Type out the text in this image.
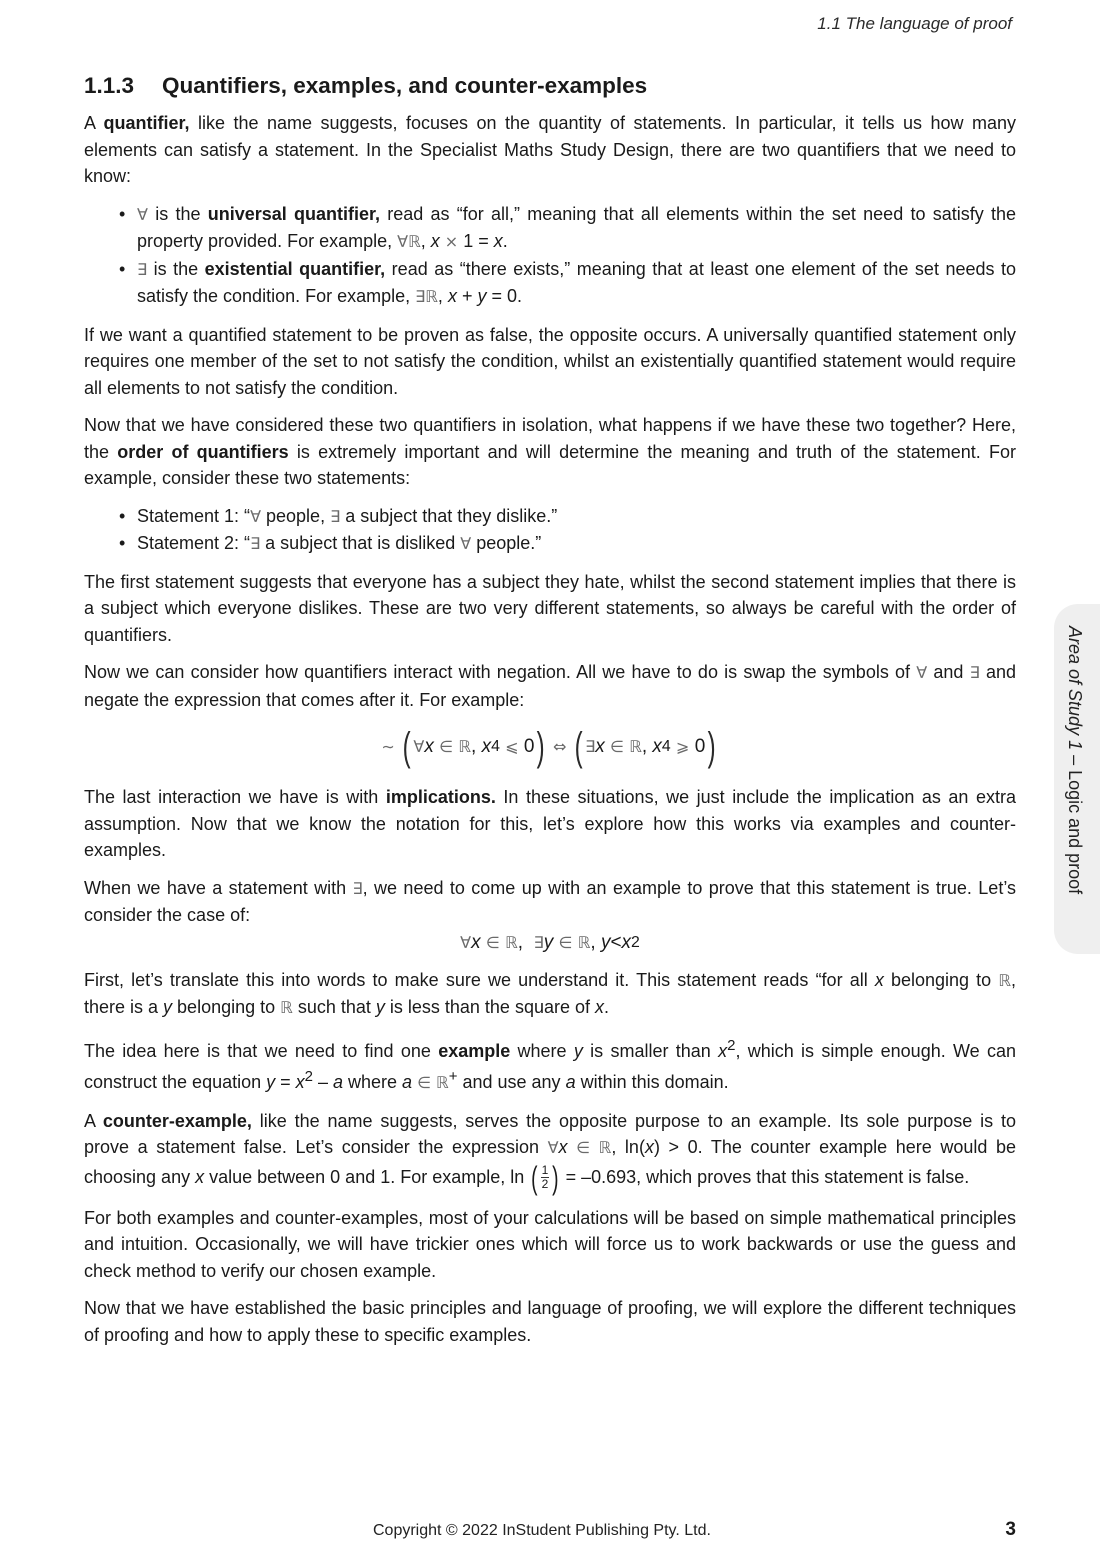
1.1 The language of proof
1.1.3 Quantifiers, examples, and counter-examples

A quantifier, like the name suggests, focuses on the quantity of statements. In particular, it tells us how many elements can satisfy a statement. In the Specialist Maths Study Design, there are two quantifiers that we need to know:

• ∀ is the universal quantifier, read as “for all,” meaning that all elements within the set need to satisfy the property provided. For example, ∀ℝ, x × 1 = x.
• ∃ is the existential quantifier, read as “there exists,” meaning that at least one element of the set needs to satisfy the condition. For example, ∃ℝ, x + y = 0.

If we want a quantified statement to be proven as false, the opposite occurs. A universally quantified statement only requires one member of the set to not satisfy the condition, whilst an existentially quantified statement would require all elements to not satisfy the condition.

Now that we have considered these two quantifiers in isolation, what happens if we have these two together? Here, the order of quantifiers is extremely important and will determine the meaning and truth of the statement. For example, consider these two statements:

• Statement 1: “∀ people, ∃ a subject that they dislike.”
• Statement 2: “∃ a subject that is disliked ∀ people.”

The first statement suggests that everyone has a subject they hate, whilst the second statement implies that there is a subject which everyone dislikes. These are two very different statements, so always be careful with the order of quantifiers.

Now we can consider how quantifiers interact with negation. All we have to do is swap the symbols of ∀ and ∃ and negate the expression that comes after it. For example:

∼
( ∀ x
∈
ℝ , x 4
⩽
0 )
⇔
( ∃ x
∈
ℝ , x 4
⩾
0 )

The last interaction we have is with implications. In these situations, we just include the implication as an extra assumption. Now that we know the notation for this, let’s explore how this works via examples and counter-examples.

When we have a statement with ∃, we need to come up with an example to prove that this statement is true. Let’s consider the case of:

∀ x
∈
ℝ , ∃ y
∈
ℝ , y < x 2

First, let’s translate this into words to make sure we understand it. This statement reads “for all x belonging to ℝ, there is a y belonging to ℝ such that y is less than the square of x.

The idea here is that we need to find one example where y is smaller than $x^2$, which is simple enough. We can construct the equation $y = x^2 - a$ where a ∈ ℝ+ and use any a within this domain.

A counter-example, like the name suggests, serves the opposite purpose to an example. Its sole purpose is to prove a statement false. Let’s consider the expression ∀x ∈ ℝ, ln(x) > 0. The counter example here would be choosing any x value between 0 and 1. For example, ln ( $\frac{1}{2}$ ) = –0.693, which proves that this statement is false.

For both examples and counter-examples, most of your calculations will be based on simple mathematical principles and intuition. Occasionally, we will have trickier ones which will force us to work backwards or use the guess and check method to verify our chosen example.

Now that we have established the basic principles and language of proofing, we will explore the different techniques of proofing and how to apply these to specific examples.

Area of Study 1 – Logic and proof
Copyright © 2022 InStudent Publishing Pty. Ltd.	3
